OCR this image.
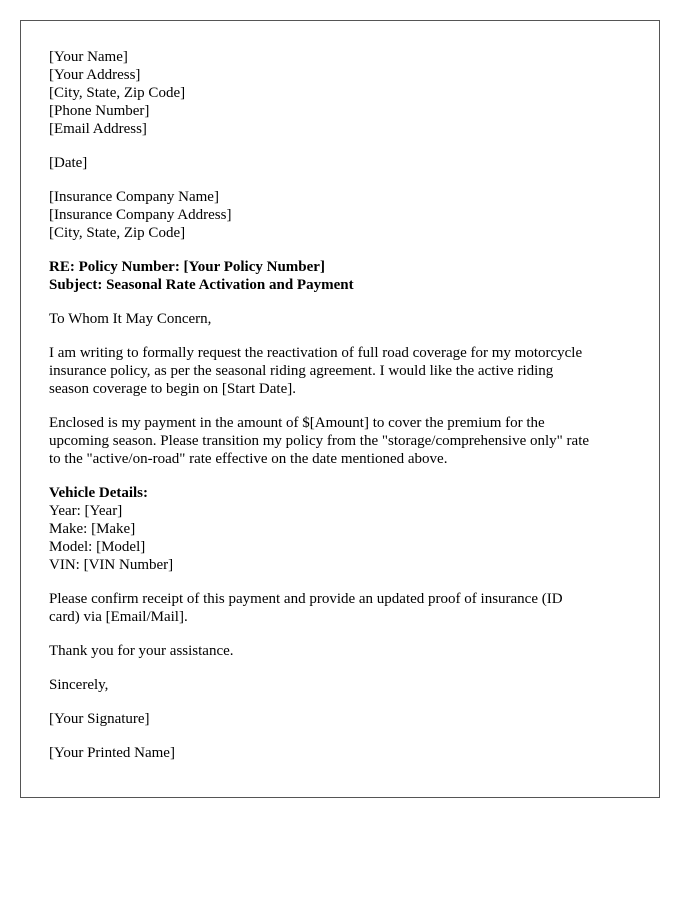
[Your Name]
[Your Address]
[City, State, Zip Code]
[Phone Number]
[Email Address]
[Date]
[Insurance Company Name]
[Insurance Company Address]
[City, State, Zip Code]
RE: Policy Number: [Your Policy Number]
Subject: Seasonal Rate Activation and Payment
To Whom It May Concern,
I am writing to formally request the reactivation of full road coverage for my motorcycle
insurance policy, as per the seasonal riding agreement. I would like the active riding
season coverage to begin on [Start Date].
Enclosed is my payment in the amount of $[Amount] to cover the premium for the
upcoming season. Please transition my policy from the "storage/comprehensive only" rate
to the "active/on-road" rate effective on the date mentioned above.
Vehicle Details:
Year: [Year]
Make: [Make]
Model: [Model]
VIN: [VIN Number]
Please confirm receipt of this payment and provide an updated proof of insurance (ID
card) via [Email/Mail].
Thank you for your assistance.
Sincerely,
[Your Signature]
[Your Printed Name]
